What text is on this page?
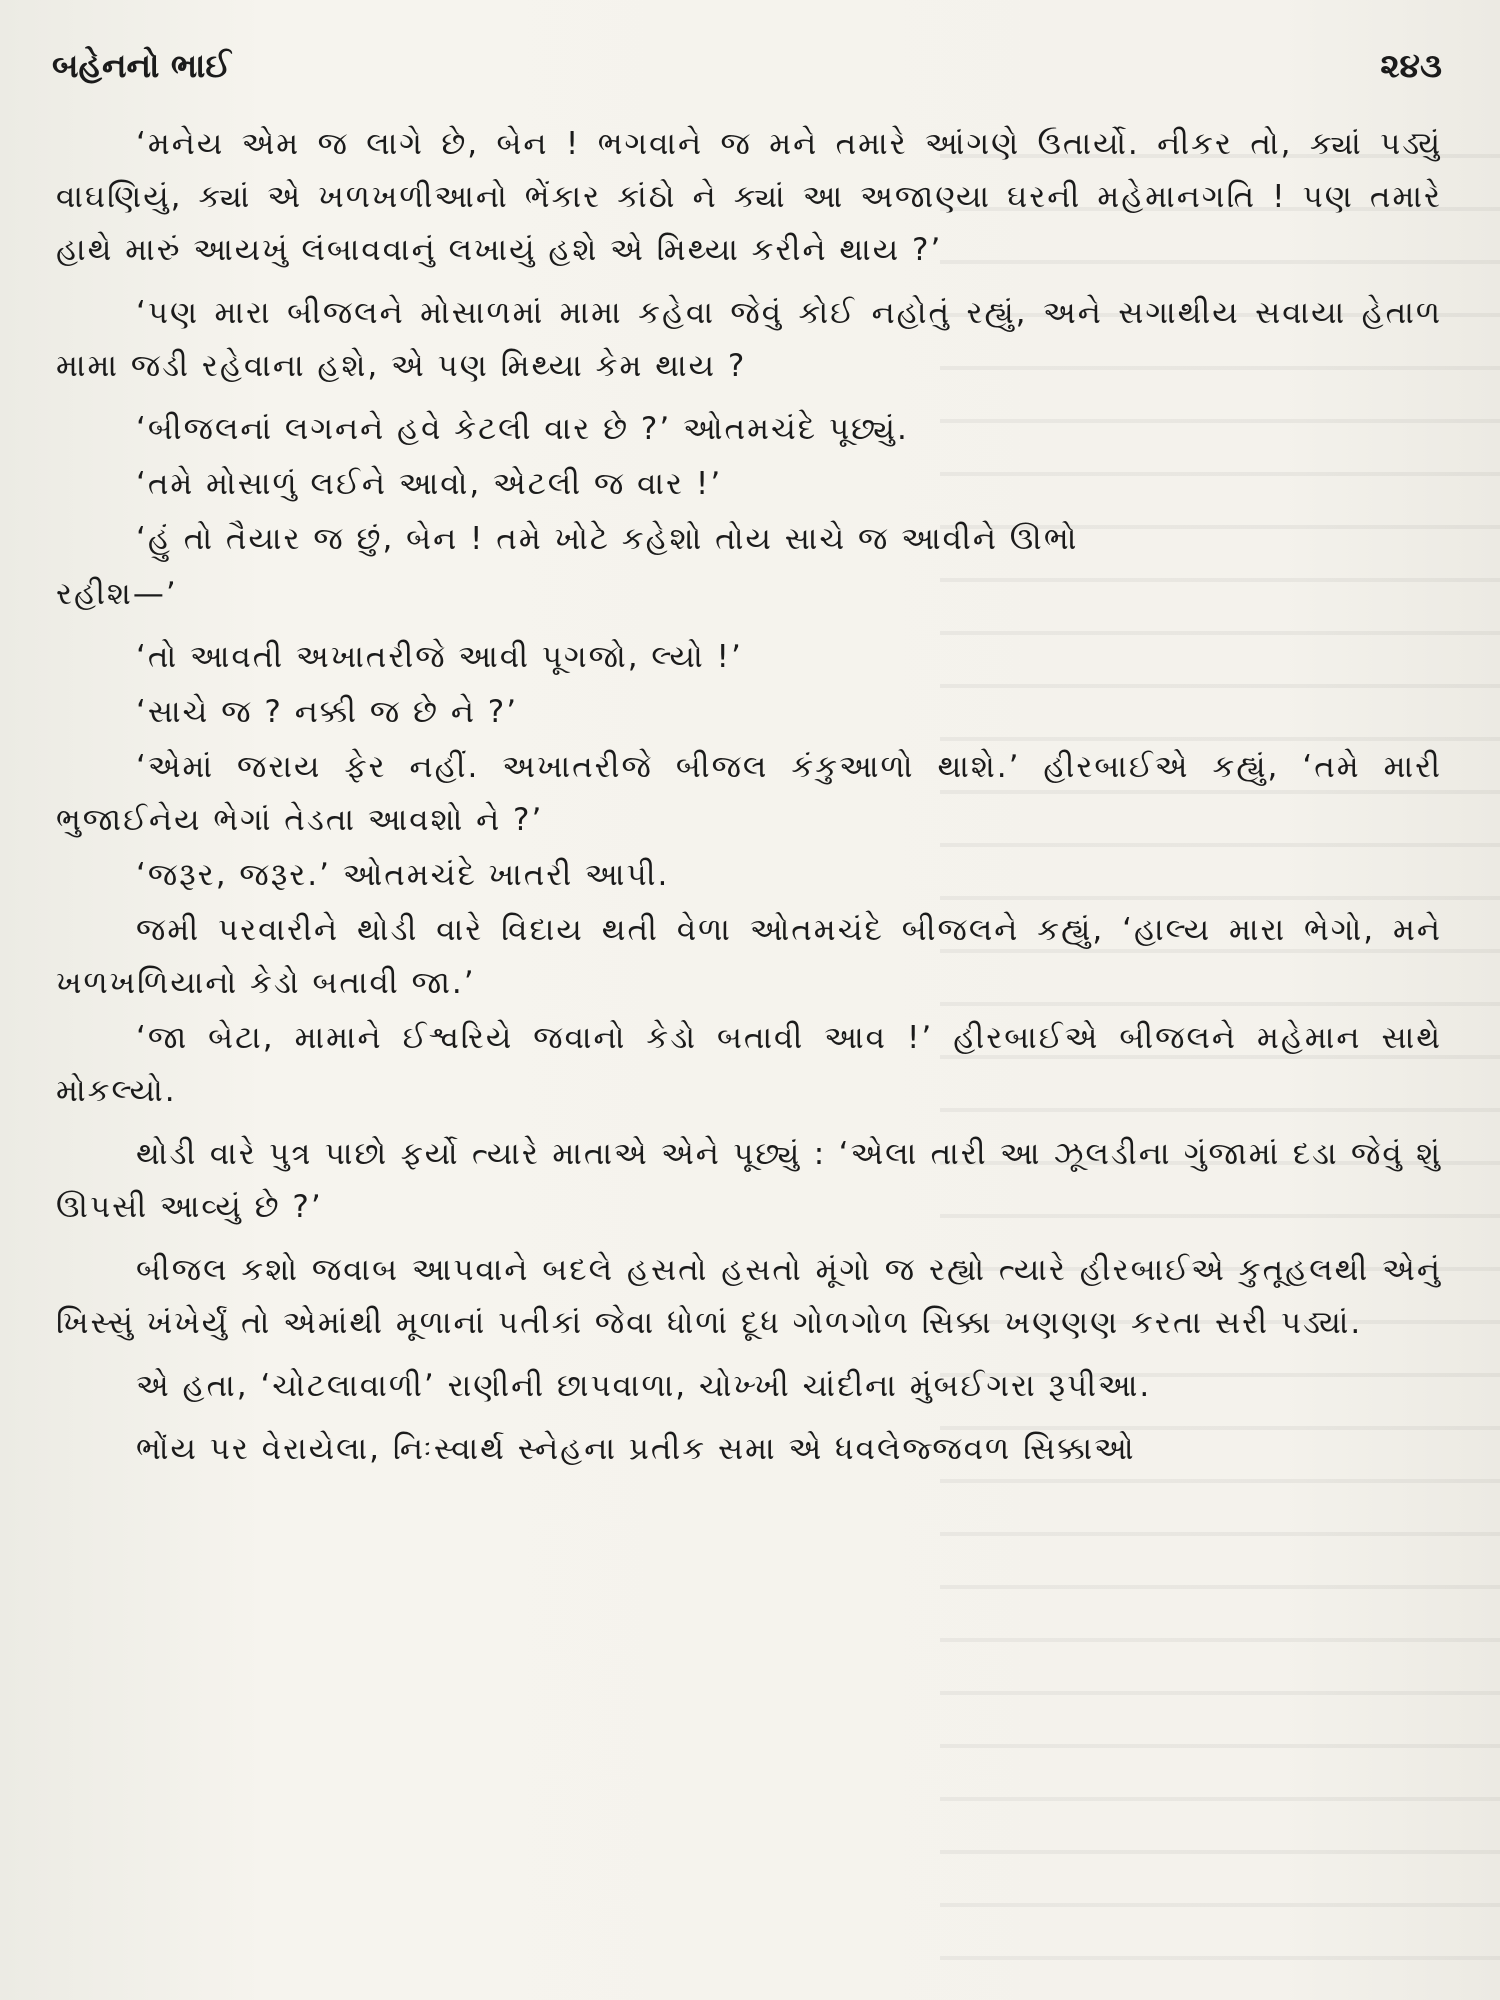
બહેનનો ભાઈ	૨૪૩

‘મનેય એમ જ લાગે છે, બેન ! ભગવાને જ મને તમારે આંગણે ઉતાર્યો. નીકર તો, ક્યાં પડ્યું વાઘણિયું, ક્યાં એ ખળખળીઆનો ભેંકાર કાંઠો ને ક્યાં આ અજાણ્યા ઘરની મહેમાનગતિ ! પણ તમારે હાથે મારું આયખું લંબાવવાનું લખાયું હશે એ મિથ્યા કરીને થાય ?’

‘પણ મારા બીજલને મોસાળમાં મામા કહેવા જેવું કોઈ નહોતું રહ્યું, અને સગાથીય સવાયા હેતાળ મામા જડી રહેવાના હશે, એ પણ મિથ્યા કેમ થાય ?

‘બીજલનાં લગનને હવે કેટલી વાર છે ?’ ઓતમચંદે પૂછ્યું.

‘તમે મોસાળું લઈને આવો, એટલી જ વાર !’

‘હું તો તૈયાર જ છું, બેન ! તમે ખોટે કહેશો તોય સાચે જ આવીને ઊભો

રહીશ—’

‘તો આવતી અખાતરીજે આવી પૂગજો, લ્યો !’

‘સાચે જ ? નક્કી જ છે ને ?’

‘એમાં જરાય ફેર નહીં. અખાતરીજે બીજલ કંકુઆળો થાશે.’ હીરબાઈએ કહ્યું, ‘તમે મારી ભુજાઈનેય ભેગાં તેડતા આવશો ને ?’

‘જરૂર, જરૂર.’ ઓતમચંદે ખાતરી આપી.

જમી પરવારીને થોડી વારે વિદાય થતી વેળા ઓતમચંદે બીજલને કહ્યું, ‘હાલ્ય મારા ભેગો, મને ખળખળિયાનો કેડો બતાવી જા.’

‘જા બેટા, મામાને ઈશ્વરિયે જવાનો કેડો બતાવી આવ !’ હીરબાઈએ બીજલને મહેમાન સાથે મોકલ્યો.

થોડી વારે પુત્ર પાછો ફર્યો ત્યારે માતાએ એને પૂછ્યું : ‘એલા તારી આ ઝૂલડીના ગુંજામાં દડા જેવું શું ઊપસી આવ્યું છે ?’

બીજલ કશો જવાબ આપવાને બદલે હસતો હસતો મૂંગો જ રહ્યો ત્યારે હીરબાઈએ કુતૂહલથી એનું ખિસ્સું ખંખેર્યું તો એમાંથી મૂળાનાં પતીકાં જેવા ધોળાં દૂધ ગોળગોળ સિક્કા ખણણણ કરતા સરી પડ્યાં.

એ હતા, ‘ચોટલાવાળી’ રાણીની છાપવાળા, ચોખ્ખી ચાંદીના મુંબઈગરા રૂપીઆ.

ભોંય પર વેરાયેલા, નિઃસ્વાર્થ સ્નેહના પ્રતીક સમા એ ધવલેજ્જવળ સિક્કાઓ
